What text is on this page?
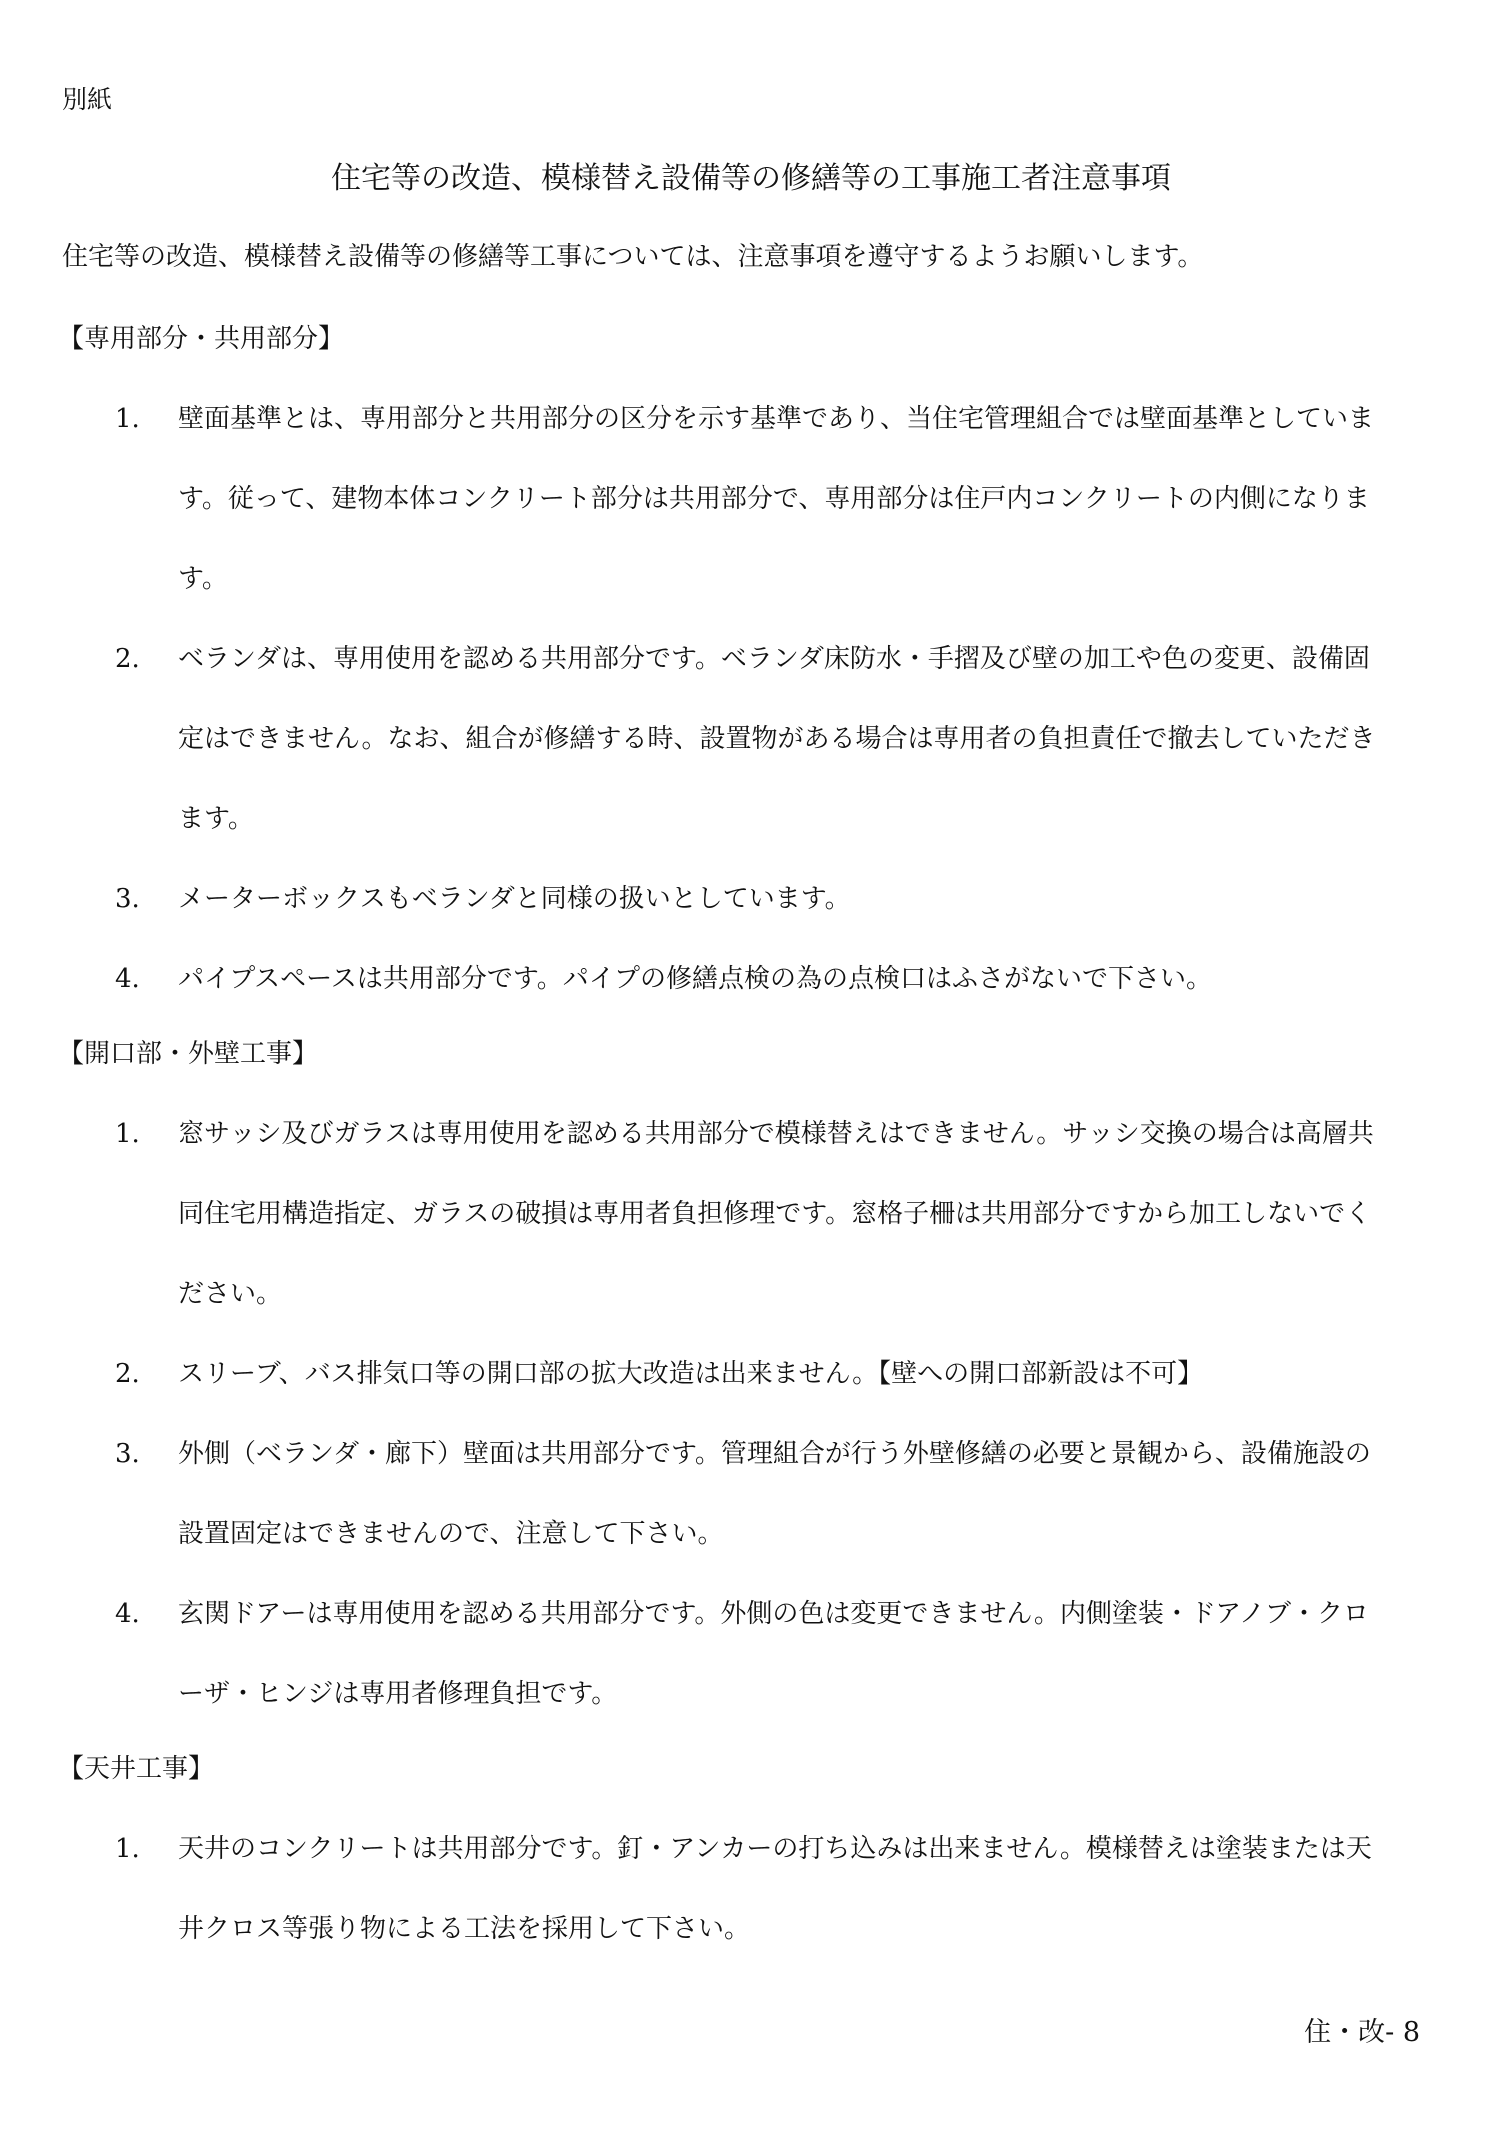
別紙
住宅等の改造、模様替え設備等の修繕等の工事施工者注意事項
住宅等の改造、模様替え設備等の修繕等工事については、注意事項を遵守するようお願いします。
【専用部分・共用部分】
1. 壁面基準とは、専用部分と共用部分の区分を示す基準であり、当住宅管理組合では壁面基準としていま
す。従って、建物本体コンクリート部分は共用部分で、専用部分は住戸内コンクリートの内側になりま
す。
2. ベランダは、専用使用を認める共用部分です。ベランダ床防水・手摺及び壁の加工や色の変更、設備固
定はできません。なお、組合が修繕する時、設置物がある場合は専用者の負担責任で撤去していただき
ます。
3. メーターボックスもベランダと同様の扱いとしています。
4. パイプスペースは共用部分です。パイプの修繕点検の為の点検口はふさがないで下さい。
【開口部・外壁工事】
1. 窓サッシ及びガラスは専用使用を認める共用部分で模様替えはできません。サッシ交換の場合は高層共
同住宅用構造指定、ガラスの破損は専用者負担修理です。窓格子柵は共用部分ですから加工しないでく
ださい。
2. スリーブ、バス排気口等の開口部の拡大改造は出来ません。【壁への開口部新設は不可】
3. 外側（ベランダ・廊下）壁面は共用部分です。管理組合が行う外壁修繕の必要と景観から、設備施設の
設置固定はできませんので、注意して下さい。
4. 玄関ドアーは専用使用を認める共用部分です。外側の色は変更できません。内側塗装・ドアノブ・クロ
ーザ・ヒンジは専用者修理負担です。
【天井工事】
1. 天井のコンクリートは共用部分です。釘・アンカーの打ち込みは出来ません。模様替えは塗装または天
井クロス等張り物による工法を採用して下さい。
住・改- 8
